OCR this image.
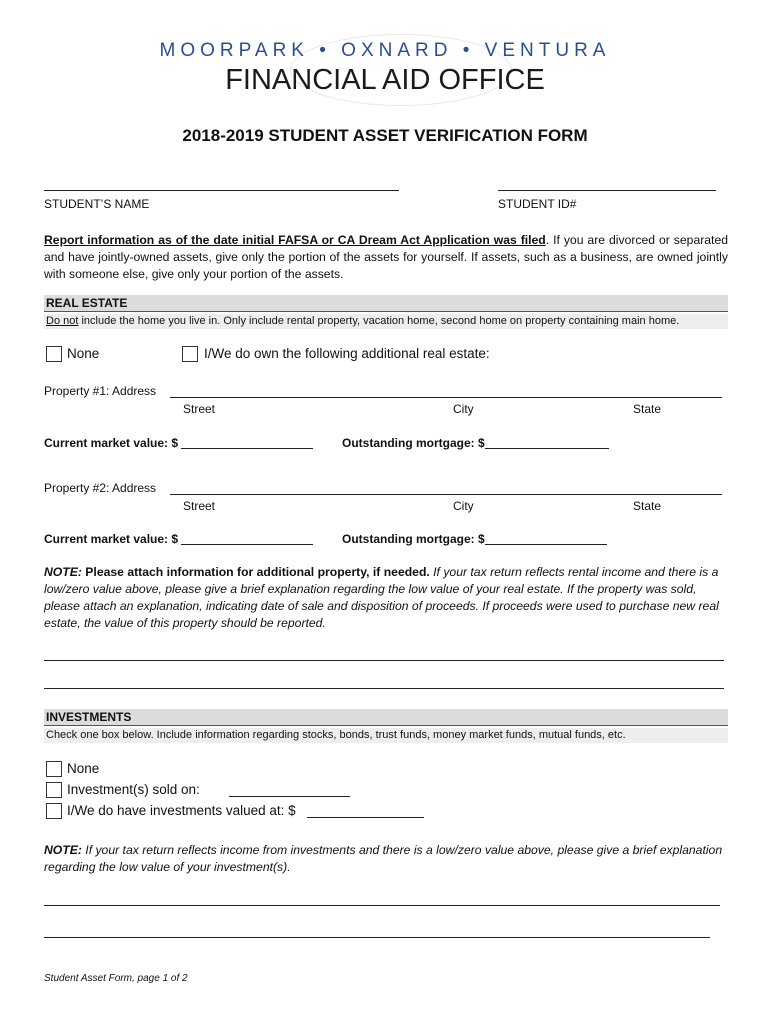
MOORPARK • OXNARD • VENTURA
FINANCIAL AID OFFICE
2018-2019 STUDENT ASSET VERIFICATION FORM
STUDENT’S NAME	STUDENT ID#
Report information as of the date initial FAFSA or CA Dream Act Application was filed. If you are divorced or separated and have jointly-owned assets, give only the portion of the assets for yourself. If assets, such as a business, are owned jointly with someone else, give only your portion of the assets.
REAL ESTATE
Do not include the home you live in. Only include rental property, vacation home, second home on property containing main home.
None	I/We do own the following additional real estate:
Property #1: Address
Street	City	State
Current market value: $	Outstanding mortgage: $
Property #2: Address
Street	City	State
Current market value: $	Outstanding mortgage: $
NOTE: Please attach information for additional property, if needed. If your tax return reflects rental income and there is a low/zero value above, please give a brief explanation regarding the low value of your real estate. If the property was sold, please attach an explanation, indicating date of sale and disposition of proceeds. If proceeds were used to purchase new real estate, the value of this property should be reported.
INVESTMENTS
Check one box below. Include information regarding stocks, bonds, trust funds, money market funds, mutual funds, etc.
None
Investment(s) sold on:
I/We do have investments valued at: $
NOTE: If your tax return reflects income from investments and there is a low/zero value above, please give a brief explanation regarding the low value of your investment(s).
Student Asset Form, page 1 of 2
